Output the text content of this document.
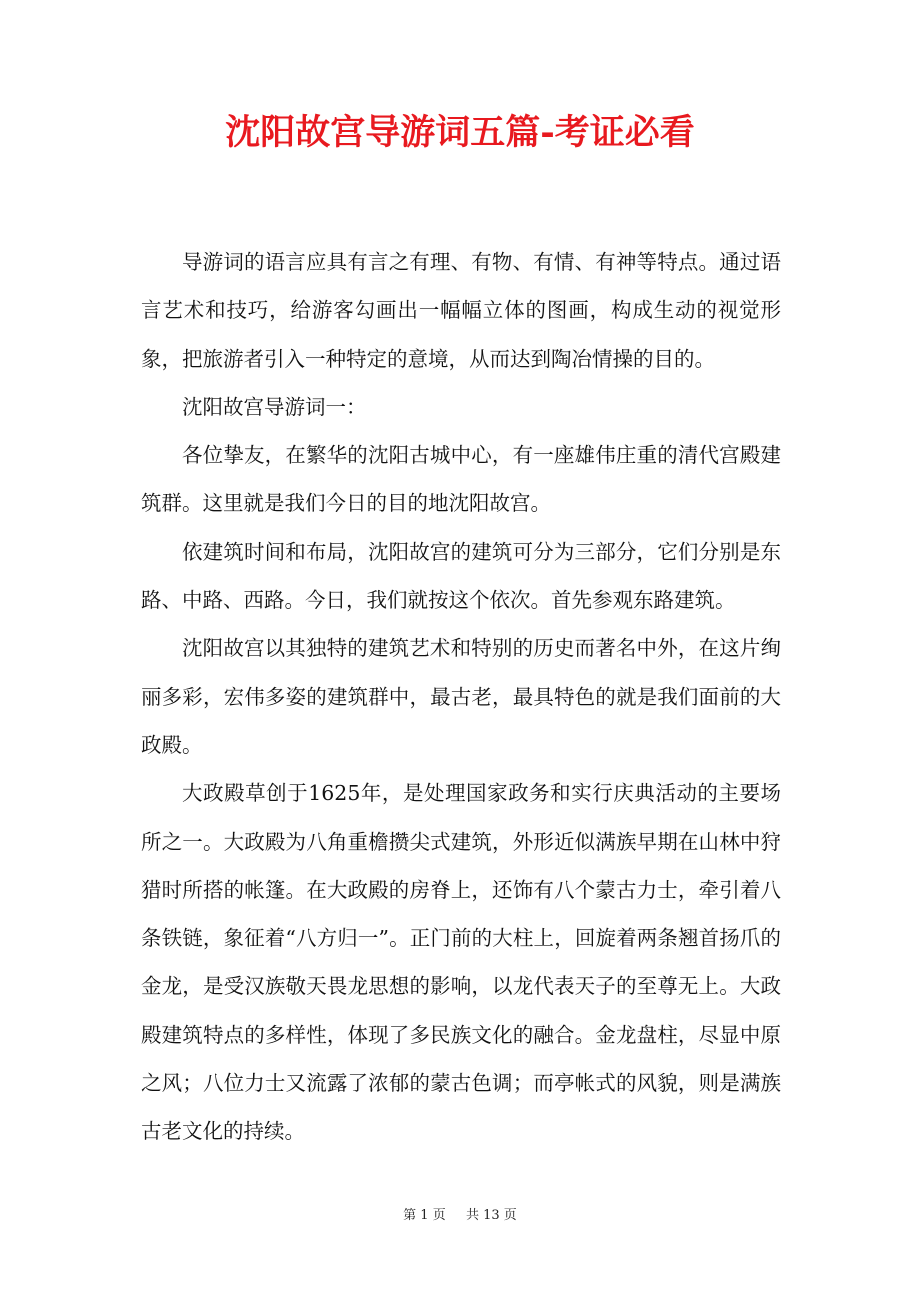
沈阳故宫导游词五篇-考证必看

导游词的语言应具有言之有理、有物、有情、有神等特点。通过语言艺术和技巧，给游客勾画出一幅幅立体的图画，构成生动的视觉形象，把旅游者引入一种特定的意境，从而达到陶冶情操的目的。

沈阳故宫导游词一：

各位挚友，在繁华的沈阳古城中心，有一座雄伟庄重的清代宫殿建筑群。这里就是我们今日的目的地沈阳故宫。

依建筑时间和布局，沈阳故宫的建筑可分为三部分，它们分别是东路、中路、西路。今日，我们就按这个依次。首先参观东路建筑。

沈阳故宫以其独特的建筑艺术和特别的历史而著名中外，在这片绚丽多彩，宏伟多姿的建筑群中，最古老，最具特色的就是我们面前的大政殿。

大政殿草创于1625年，是处理国家政务和实行庆典活动的主要场所之一。大政殿为八角重檐攒尖式建筑，外形近似满族早期在山林中狩猎时所搭的帐篷。在大政殿的房脊上，还饰有八个蒙古力士，牵引着八条铁链，象征着“八方归一”。正门前的大柱上，回旋着两条翘首扬爪的金龙，是受汉族敬天畏龙思想的影响，以龙代表天子的至尊无上。大政殿建筑特点的多样性，体现了多民族文化的融合。金龙盘柱，尽显中原之风；八位力士又流露了浓郁的蒙古色调；而亭帐式的风貌，则是满族古老文化的持续。

第 1 页 共 13 页
